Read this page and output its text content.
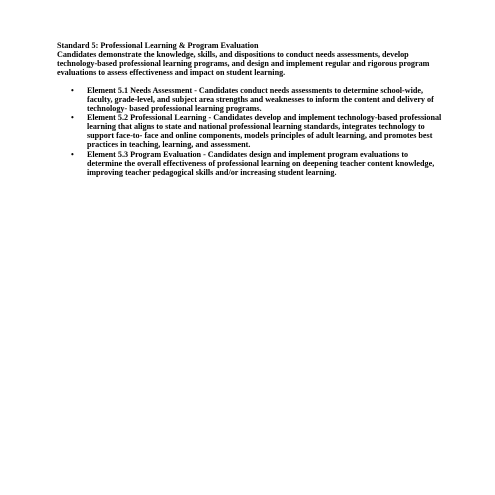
Standard 5: Professional Learning & Program Evaluation

Candidates demonstrate the knowledge, skills, and dispositions to conduct needs assessments, develop technology-based professional learning programs, and design and implement regular and rigorous program evaluations to assess effectiveness and impact on student learning.

• Element 5.1 Needs Assessment - Candidates conduct needs assessments to determine school-wide, faculty, grade-level, and subject area strengths and weaknesses to inform the content and delivery of technology- based professional learning programs.
• Element 5.2 Professional Learning - Candidates develop and implement technology-based professional learning that aligns to state and national professional learning standards, integrates technology to support face-to- face and online components, models principles of adult learning, and promotes best practices in teaching, learning, and assessment.
• Element 5.3 Program Evaluation - Candidates design and implement program evaluations to determine the overall effectiveness of professional learning on deepening teacher content knowledge, improving teacher pedagogical skills and/or increasing student learning.
